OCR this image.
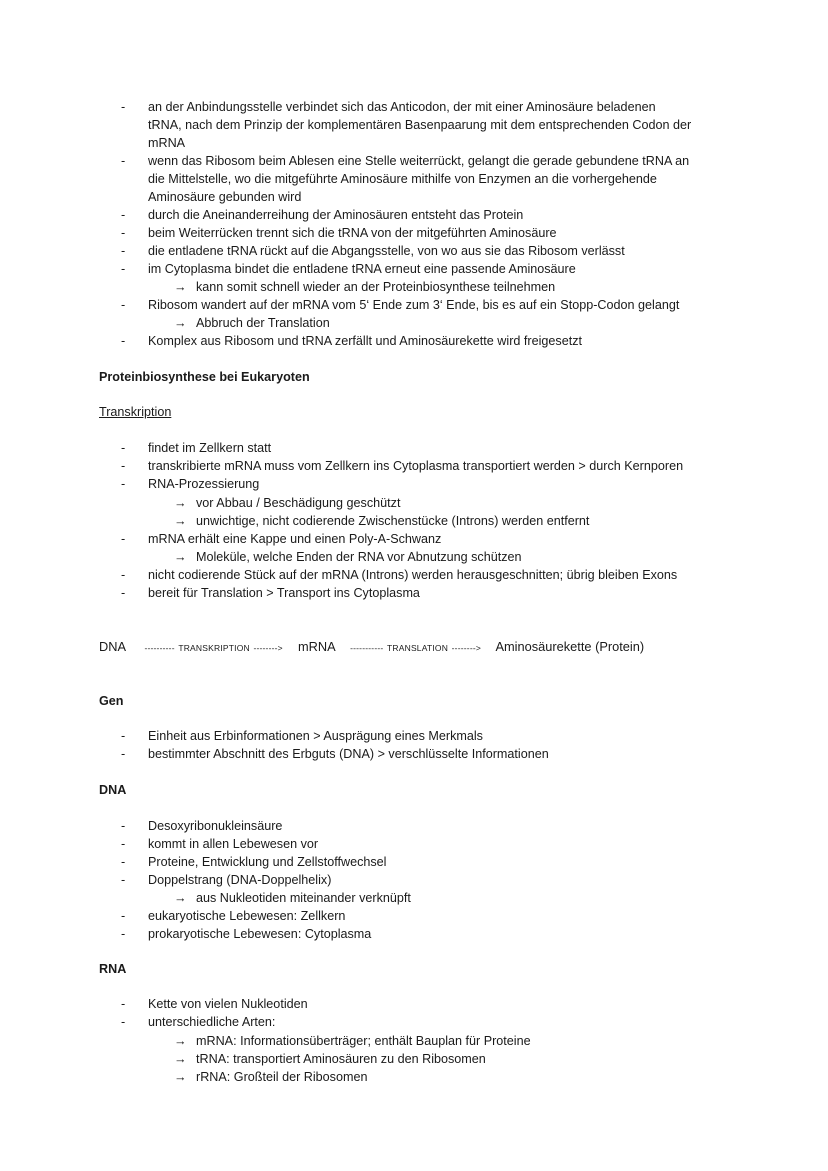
- an der Anbindungsstelle verbindet sich das Anticodon, der mit einer Aminosäure beladenen
tRNA, nach dem Prinzip der komplementären Basenpaarung mit dem entsprechenden Codon der
mRNA
- wenn das Ribosom beim Ablesen eine Stelle weiterrückt, gelangt die gerade gebundene tRNA an
die Mittelstelle, wo die mitgeführte Aminosäure mithilfe von Enzymen an die vorhergehende
Aminosäure gebunden wird
- durch die Aneinanderreihung der Aminosäuren entsteht das Protein
- beim Weiterrücken trennt sich die tRNA von der mitgeführten Aminosäure
- die entladene tRNA rückt auf die Abgangsstelle, von wo aus sie das Ribosom verlässt
- im Cytoplasma bindet die entladene tRNA erneut eine passende Aminosäure
→ kann somit schnell wieder an der Proteinbiosynthese teilnehmen
- Ribosom wandert auf der mRNA vom 5‘ Ende zum 3‘ Ende, bis es auf ein Stopp-Codon gelangt
→ Abbruch der Translation
- Komplex aus Ribosom und tRNA zerfällt und Aminosäurekette wird freigesetzt
Proteinbiosynthese bei Eukaryoten
Transkription
- findet im Zellkern statt
- transkribierte mRNA muss vom Zellkern ins Cytoplasma transportiert werden > durch Kernporen
- RNA-Prozessierung
→ vor Abbau / Beschädigung geschützt
→ unwichtige, nicht codierende Zwischenstücke (Introns) werden entfernt
- mRNA erhält eine Kappe und einen Poly-A-Schwanz
→ Moleküle, welche Enden der RNA vor Abnutzung schützen
- nicht codierende Stück auf der mRNA (Introns) werden herausgeschnitten; übrig bleiben Exons
- bereit für Translation > Transport ins Cytoplasma
DNA ---------- TRANSKRIPTION --------> mRNA ----------- TRANSLATION --------> Aminosäurekette (Protein)
Gen
- Einheit aus Erbinformationen > Ausprägung eines Merkmals
- bestimmter Abschnitt des Erbguts (DNA) > verschlüsselte Informationen
DNA
- Desoxyribonukleinsäure
- kommt in allen Lebewesen vor
- Proteine, Entwicklung und Zellstoffwechsel
- Doppelstrang (DNA-Doppelhelix)
→ aus Nukleotiden miteinander verknüpft
- eukaryotische Lebewesen: Zellkern
- prokaryotische Lebewesen: Cytoplasma
RNA
- Kette von vielen Nukleotiden
- unterschiedliche Arten:
→ mRNA: Informationsüberträger; enthält Bauplan für Proteine
→ tRNA: transportiert Aminosäuren zu den Ribosomen
→ rRNA: Großteil der Ribosomen
